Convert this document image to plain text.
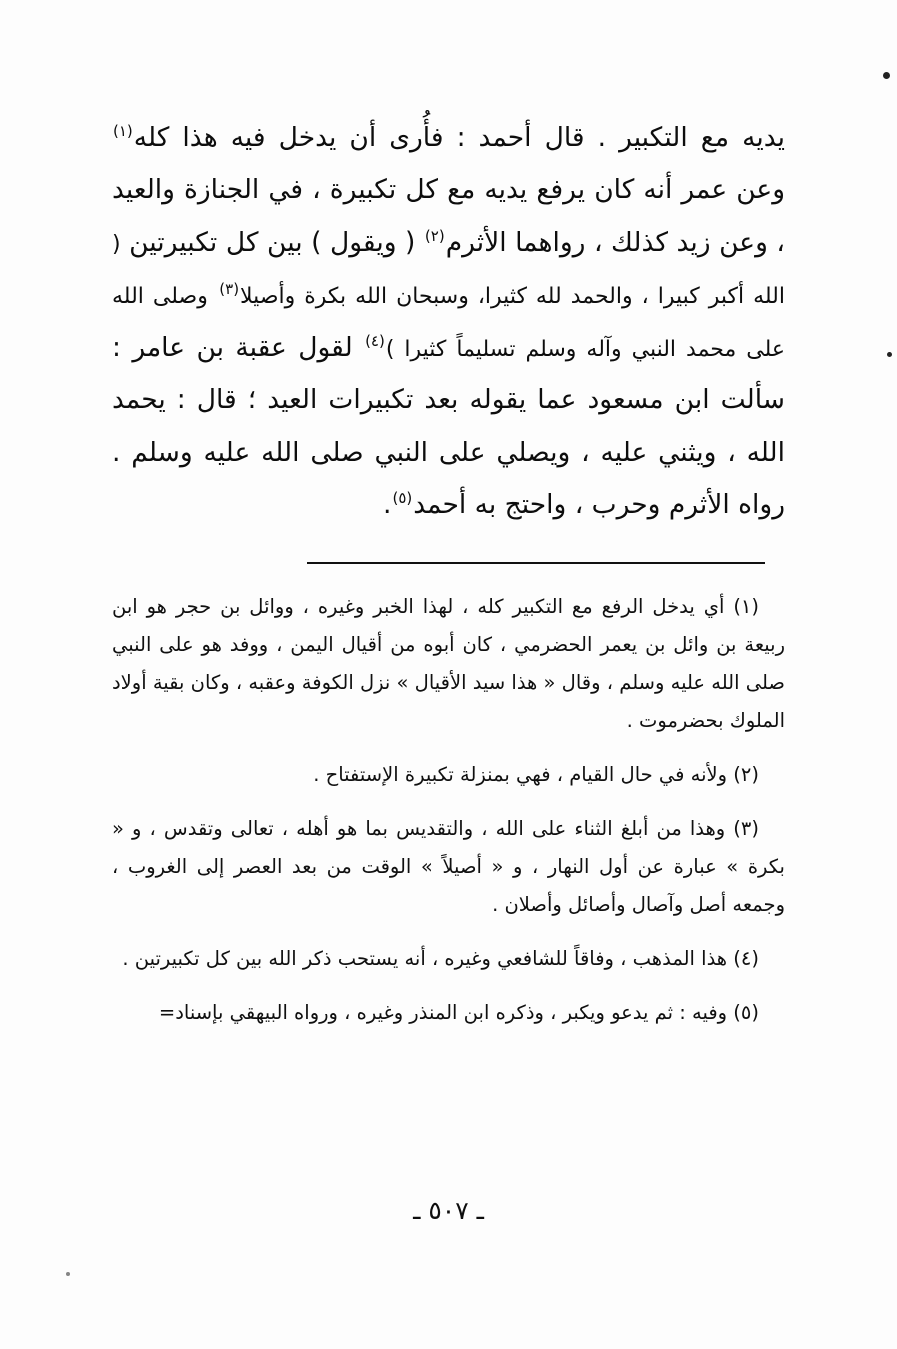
يديه مع التكبير . قال أحمد : فأُرى أن يدخل فيه هذا كله$^{(١)}$ وعن عمر أنه كان يرفع يديه مع كل تكبيرة ، في الجنازة والعيد ، وعن زيد كذلك ، رواهما الأثرم$^{(٢)}$ ( ويقول ) بين كل تكبيرتين ( الله أكبر كبيرا ، والحمد لله كثيرا، وسبحان الله بكرة وأصيلا$^{(٣)}$ وصلى الله على محمد النبي وآله وسلم تسليماً كثيرا )$^{(٤)}$ لقول عقبة بن عامر : سألت ابن مسعود عما يقوله بعد تكبيرات العيد ؛ قال : يحمد الله ، ويثني عليه ، ويصلي على النبي صلى الله عليه وسلم . رواه الأثرم وحرب ، واحتج به أحمد$^{(٥)}$.

(١) أي يدخل الرفع مع التكبير كله ، لهذا الخبر وغيره ، ووائل بن حجر هو ابن ربيعة بن وائل بن يعمر الحضرمي ، كان أبوه من أقيال اليمن ، ووفد هو على النبي صلى الله عليه وسلم ، وقال « هذا سيد الأقيال » نزل الكوفة وعقبه ، وكان بقية أولاد الملوك بحضرموت .

(٢) ولأنه في حال القيام ، فهي بمنزلة تكبيرة الإستفتاح .

(٣) وهذا من أبلغ الثناء على الله ، والتقديس بما هو أهله ، تعالى وتقدس ، و « بكرة » عبارة عن أول النهار ، و « أصيلاً » الوقت من بعد العصر إلى الغروب ، وجمعه أصل وآصال وأصائل وأصلان .

(٤) هذا المذهب ، وفاقاً للشافعي وغيره ، أنه يستحب ذكر الله بين كل تكبيرتين .

(٥) وفيه : ثم يدعو ويكبر ، وذكره ابن المنذر وغيره ، ورواه البيهقي بإسناد=

ـ ٥٠٧ ـ
